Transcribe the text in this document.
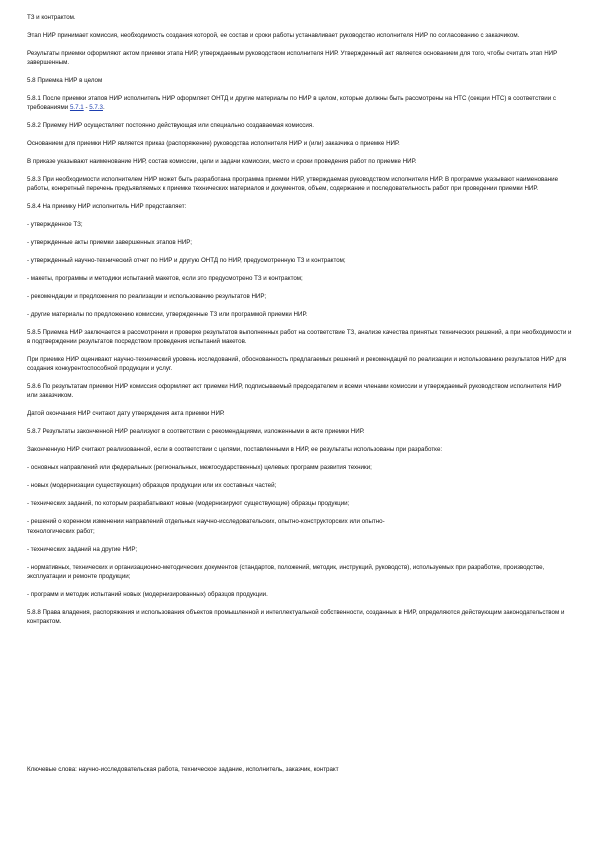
ТЗ и контрактом.

Этап НИР принимает комиссия, необходимость создания которой, ее состав и сроки работы устанавливает руководство исполнителя НИР по согласованию с заказчиком.

Результаты приемки оформляют актом приемки этапа НИР, утверждаемым руководством исполнителя НИР. Утвержденный акт является основанием для того, чтобы считать этап НИР завершенным.

5.8 Приемка НИР в целом

5.8.1 После приемки этапов НИР исполнитель НИР оформляет ОНТД и другие материалы по НИР в целом, которые должны быть рассмотрены на НТС (секции НТС) в соответствии с требованиями 5.7.1 - 5.7.3.

5.8.2 Приемку НИР осуществляет постоянно действующая или специально создаваемая комиссия.

Основанием для приемки НИР является приказ (распоряжение) руководства исполнителя НИР и (или) заказчика о приемке НИР.

В приказе указывают наименование НИР, состав комиссии, цели и задачи комиссии, место и сроки проведения работ по приемке НИР.

5.8.3 При необходимости исполнителем НИР может быть разработана программа приемки НИР, утверждаемая руководством исполнителя НИР. В программе указывают наименование работы, конкретный перечень предъявляемых к приемке технических материалов и документов, объем, содержание и последовательность работ при проведении приемки НИР.

5.8.4 На приемку НИР исполнитель НИР представляет:

- утвержденное ТЗ;

- утвержденные акты приемки завершенных этапов НИР;

- утвержденный научно-технический отчет по НИР и другую ОНТД по НИР, предусмотренную ТЗ и контрактом;

- макеты, программы и методики испытаний макетов, если это предусмотрено ТЗ и контрактом;

- рекомендации и предложения по реализации и использованию результатов НИР;

- другие материалы по предложению комиссии, утвержденные ТЗ или программой приемки НИР.

5.8.5 Приемка НИР заключается в рассмотрении и проверке результатов выполненных работ на соответствие ТЗ, анализе качества принятых технических решений, а при необходимости и в подтверждении результатов посредством проведения испытаний макетов.

При приемке НИР оценивают научно-технический уровень исследований, обоснованность предлагаемых решений и рекомендаций по реализации и использованию результатов НИР для создания конкурентоспособной продукции и услуг.

5.8.6 По результатам приемки НИР комиссия оформляет акт приемки НИР, подписываемый председателем и всеми членами комиссии и утверждаемый руководством исполнителя НИР или заказчиком.

Датой окончания НИР считают дату утверждения акта приемки НИР.

5.8.7 Результаты законченной НИР реализуют в соответствии с рекомендациями, изложенными в акте приемки НИР.

Законченную НИР считают реализованной, если в соответствии с целями, поставленными в НИР, ее результаты использованы при разработке:

- основных направлений или федеральных (региональных, межгосударственных) целевых программ развития техники;

- новых (модернизации существующих) образцов продукции или их составных частей;

- технических заданий, по которым разрабатывают новые (модернизируют существующие) образцы продукции;

- решений о коренном изменении направлений отдельных научно-исследовательских, опытно-конструкторских или опытно-

технологических работ;

- технических заданий на другие НИР;

- нормативных, технических и организационно-методических документов (стандартов, положений, методик, инструкций, руководств), используемых при разработке, производстве, эксплуатации и ремонте продукции;

- программ и методик испытаний новых (модернизированных) образцов продукции.

5.8.8 Права владения, распоряжения и использования объектов промышленной и интеллектуальной собственности, созданных в НИР, определяются действующим законодательством и контрактом.

Ключевые слова: научно-исследовательская работа, техническое задание, исполнитель, заказчик, контракт
